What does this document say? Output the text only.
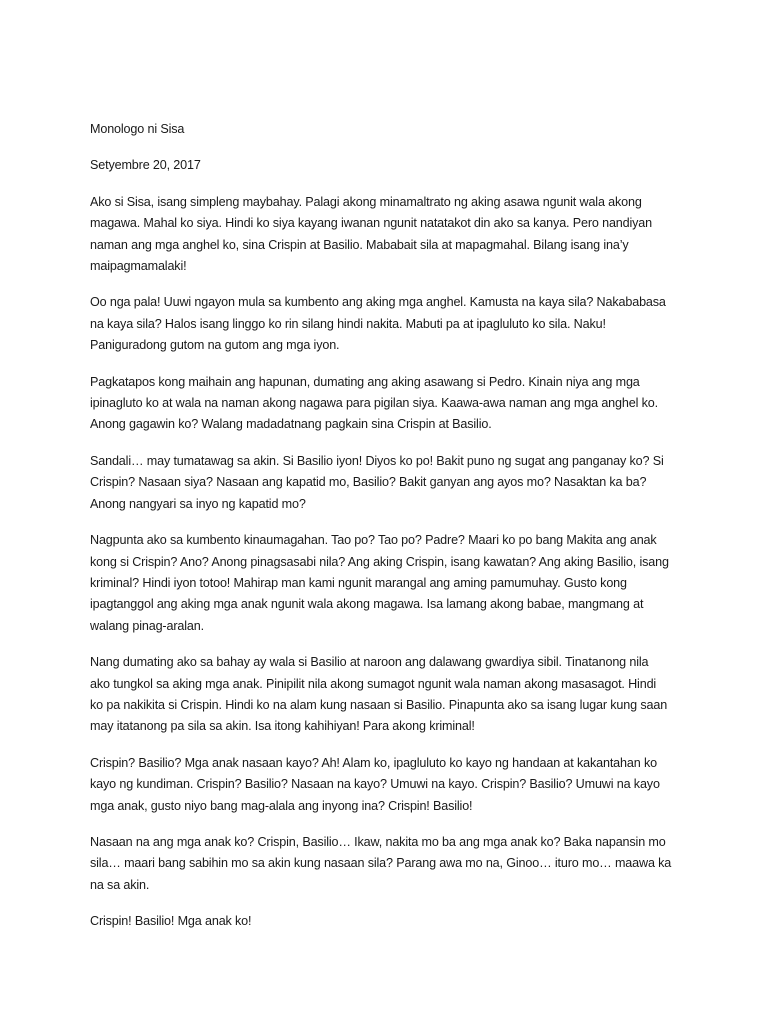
Monologo ni Sisa
Setyembre 20, 2017
Ako si Sisa, isang simpleng maybahay. Palagi akong minamaltrato ng aking asawa ngunit wala akong
magawa. Mahal ko siya. Hindi ko siya kayang iwanan ngunit natatakot din ako sa kanya. Pero nandiyan
naman ang mga anghel ko, sina Crispin at Basilio. Mababait sila at mapagmahal. Bilang isang ina’y
maipagmamalaki!
Oo nga pala! Uuwi ngayon mula sa kumbento ang aking mga anghel. Kamusta na kaya sila? Nakababasa
na kaya sila? Halos isang linggo ko rin silang hindi nakita. Mabuti pa at ipagluluto ko sila. Naku!
Paniguradong gutom na gutom ang mga iyon.
Pagkatapos kong maihain ang hapunan, dumating ang aking asawang si Pedro. Kinain niya ang mga
ipinagluto ko at wala na naman akong nagawa para pigilan siya. Kaawa-awa naman ang mga anghel ko.
Anong gagawin ko? Walang madadatnang pagkain sina Crispin at Basilio.
Sandali… may tumatawag sa akin. Si Basilio iyon! Diyos ko po! Bakit puno ng sugat ang panganay ko? Si
Crispin? Nasaan siya? Nasaan ang kapatid mo, Basilio? Bakit ganyan ang ayos mo? Nasaktan ka ba?
Anong nangyari sa inyo ng kapatid mo?
Nagpunta ako sa kumbento kinaumagahan. Tao po? Tao po? Padre? Maari ko po bang Makita ang anak
kong si Crispin? Ano? Anong pinagsasabi nila? Ang aking Crispin, isang kawatan? Ang aking Basilio, isang
kriminal? Hindi iyon totoo! Mahirap man kami ngunit marangal ang aming pamumuhay. Gusto kong
ipagtanggol ang aking mga anak ngunit wala akong magawa. Isa lamang akong babae, mangmang at
walang pinag-aralan.
Nang dumating ako sa bahay ay wala si Basilio at naroon ang dalawang gwardiya sibil. Tinatanong nila
ako tungkol sa aking mga anak. Pinipilit nila akong sumagot ngunit wala naman akong masasagot. Hindi
ko pa nakikita si Crispin. Hindi ko na alam kung nasaan si Basilio. Pinapunta ako sa isang lugar kung saan
may itatanong pa sila sa akin. Isa itong kahihiyan! Para akong kriminal!
Crispin? Basilio? Mga anak nasaan kayo? Ah! Alam ko, ipagluluto ko kayo ng handaan at kakantahan ko
kayo ng kundiman. Crispin? Basilio? Nasaan na kayo? Umuwi na kayo. Crispin? Basilio? Umuwi na kayo
mga anak, gusto niyo bang mag-alala ang inyong ina? Crispin! Basilio!
Nasaan na ang mga anak ko? Crispin, Basilio… Ikaw, nakita mo ba ang mga anak ko? Baka napansin mo
sila… maari bang sabihin mo sa akin kung nasaan sila? Parang awa mo na, Ginoo… ituro mo… maawa ka
na sa akin.
Crispin! Basilio! Mga anak ko!
